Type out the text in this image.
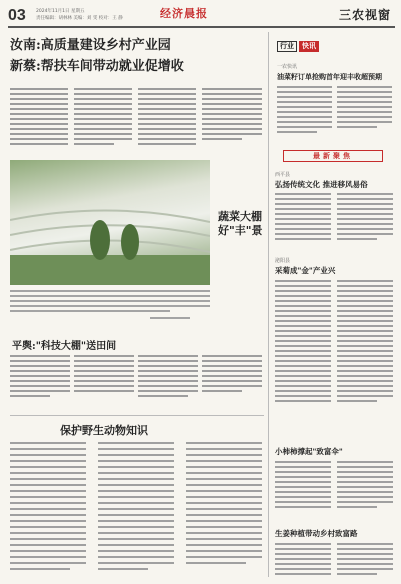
03 2024年11月1日 星期五
责任编辑：胡林林 美编：刘 雯 校对：王 静	经济晨报	三农视窗
汝南:高质量建设乡村产业园
新蔡:帮扶车间带动就业促增收
行业	快讯
一农快讯
油菜籽订单抢购首年迎丰收超预期
蔬菜大棚
好"丰"景
平舆:"科技大棚"送田间
保护野生动物知识
最新聚焦
西平县
弘扬传统文化 推进移风易俗
泌阳县
采菊成"金"产业兴
小柿柿撑起"致富伞"
生姜种植带动乡村致富路
